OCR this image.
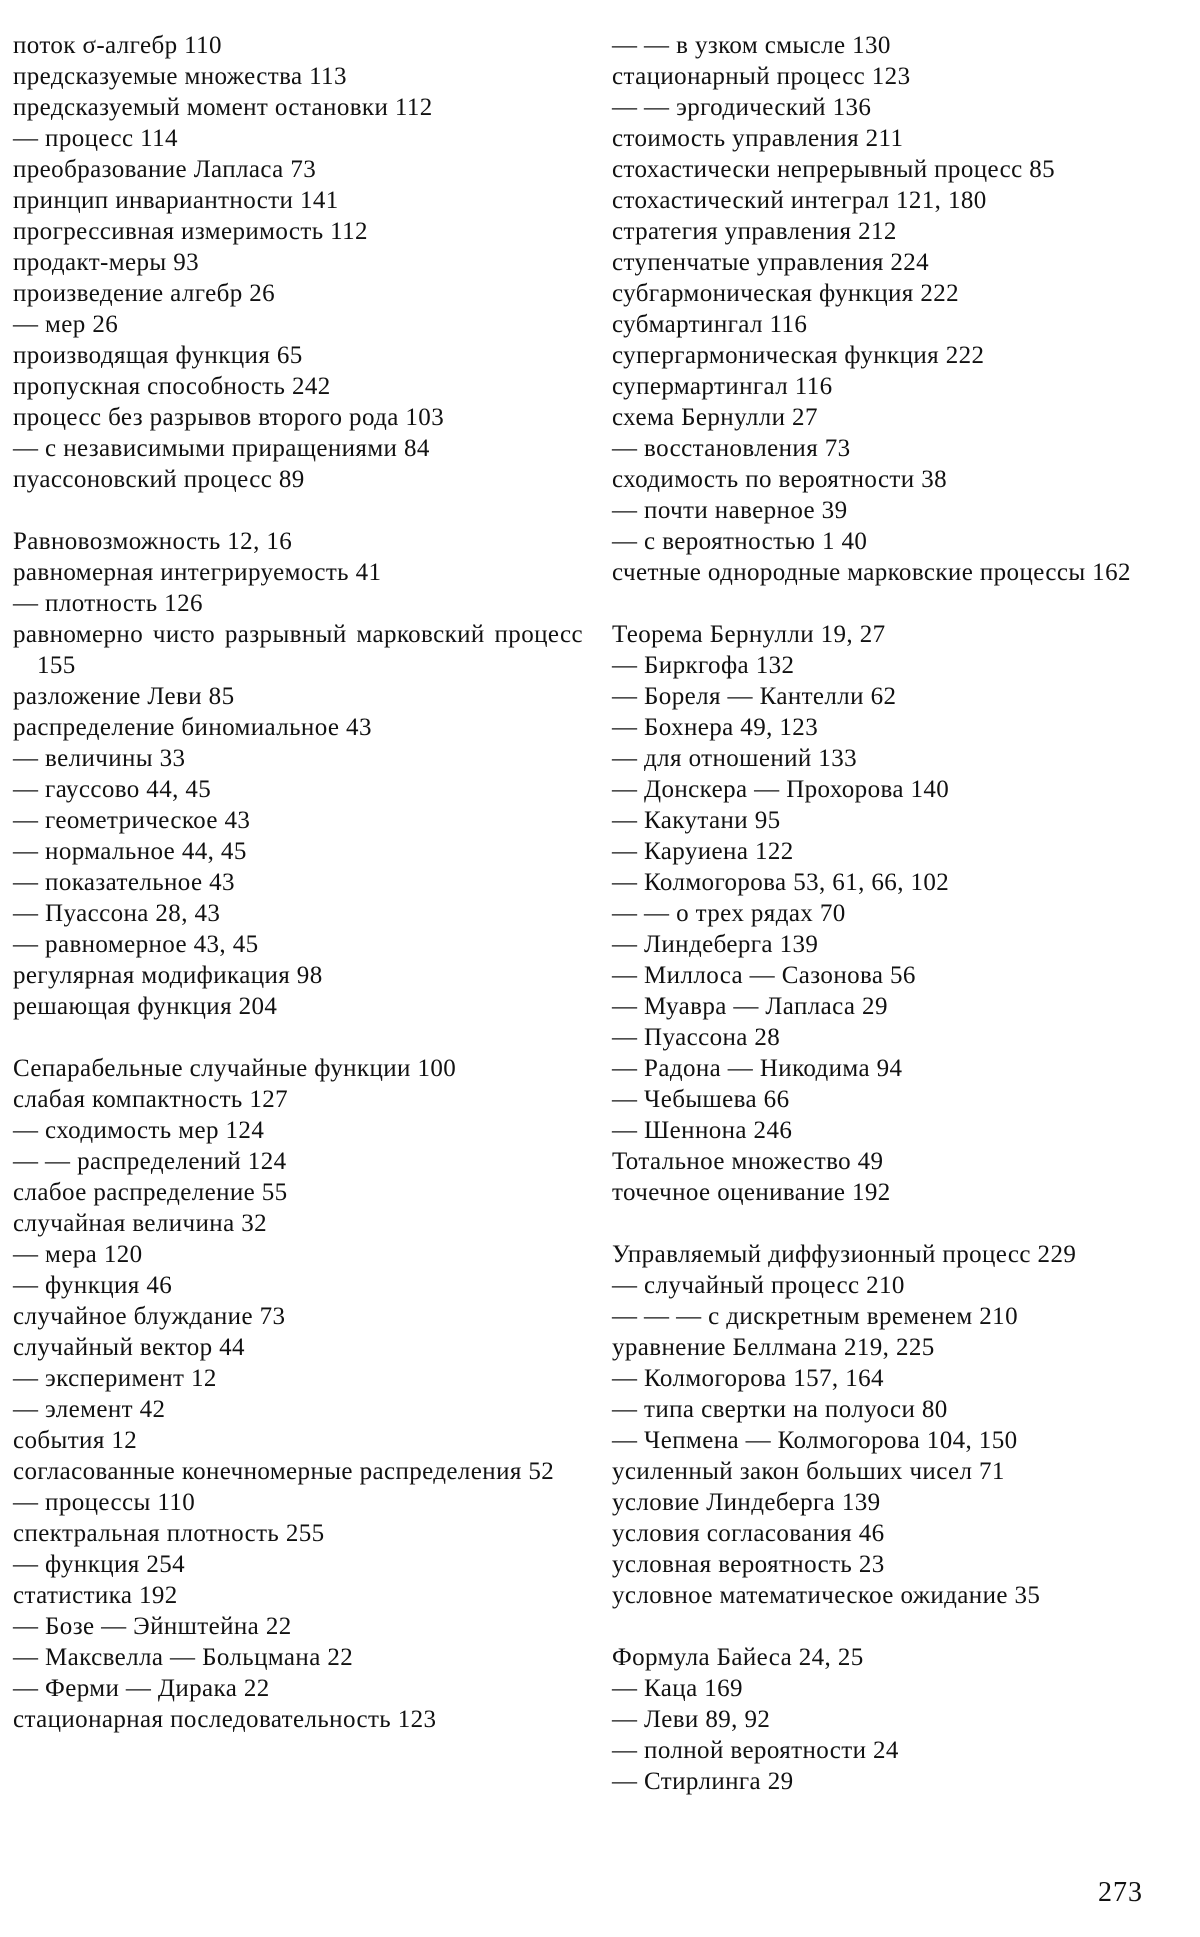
поток σ-алгебр 110
предсказуемые множества 113
предсказуемый момент остановки 112
— процесс 114
преобразование Лапласа 73
принцип инвариантности 141
прогрессивная измеримость 112
продакт-меры 93
произведение алгебр 26
— мер 26
производящая функция 65
пропускная способность 242
процесс без разрывов второго рода 103
— с независимыми приращениями 84
пуассоновский процесс 89
Равновозможность 12, 16
равномерная интегрируемость 41
— плотность 126
равномерно чисто разрывный марковский процесс 155
разложение Леви 85
распределение биномиальное 43
— величины 33
— гауссово 44, 45
— геометрическое 43
— нормальное 44, 45
— показательное 43
— Пуассона 28, 43
— равномерное 43, 45
регулярная модификация 98
решающая функция 204
Сепарабельные случайные функции 100
слабая компактность 127
— сходимость мер 124
— — распределений 124
слабое распределение 55
случайная величина 32
— мера 120
— функция 46
случайное блуждание 73
случайный вектор 44
— эксперимент 12
— элемент 42
события 12
согласованные конечномерные распределения 52
— процессы 110
спектральная плотность 255
— функция 254
статистика 192
— Бозе — Эйнштейна 22
— Максвелла — Больцмана 22
— Ферми — Дирака 22
стационарная последовательность 123
— — в узком смысле 130
стационарный процесс 123
— — эргодический 136
стоимость управления 211
стохастически непрерывный процесс 85
стохастический интеграл 121, 180
стратегия управления 212
ступенчатые управления 224
субгармоническая функция 222
субмартингал 116
супергармоническая функция 222
супермартингал 116
схема Бернулли 27
— восстановления 73
сходимость по вероятности 38
— почти наверное 39
— с вероятностью 1 40
счетные однородные марковские процессы 162
Теорема Бернулли 19, 27
— Биркгофа 132
— Бореля — Кантелли 62
— Бохнера 49, 123
— для отношений 133
— Донскера — Прохорова 140
— Какутани 95
— Каруиена 122
— Колмогорова 53, 61, 66, 102
— — о трех рядах 70
— Линдеберга 139
— Миллоса — Сазонова 56
— Муавра — Лапласа 29
— Пуассона 28
— Радона — Никодима 94
— Чебышева 66
— Шеннона 246
Тотальное множество 49
точечное оценивание 192
Управляемый диффузионный процесс 229
— случайный процесс 210
— — — с дискретным временем 210
уравнение Беллмана 219, 225
— Колмогорова 157, 164
— типа свертки на полуоси 80
— Чепмена — Колмогорова 104, 150
усиленный закон больших чисел 71
условие Линдеберга 139
условия согласования 46
условная вероятность 23
условное математическое ожидание 35
Формула Байеса 24, 25
— Каца 169
— Леви 89, 92
— полной вероятности 24
— Стирлинга 29
273
